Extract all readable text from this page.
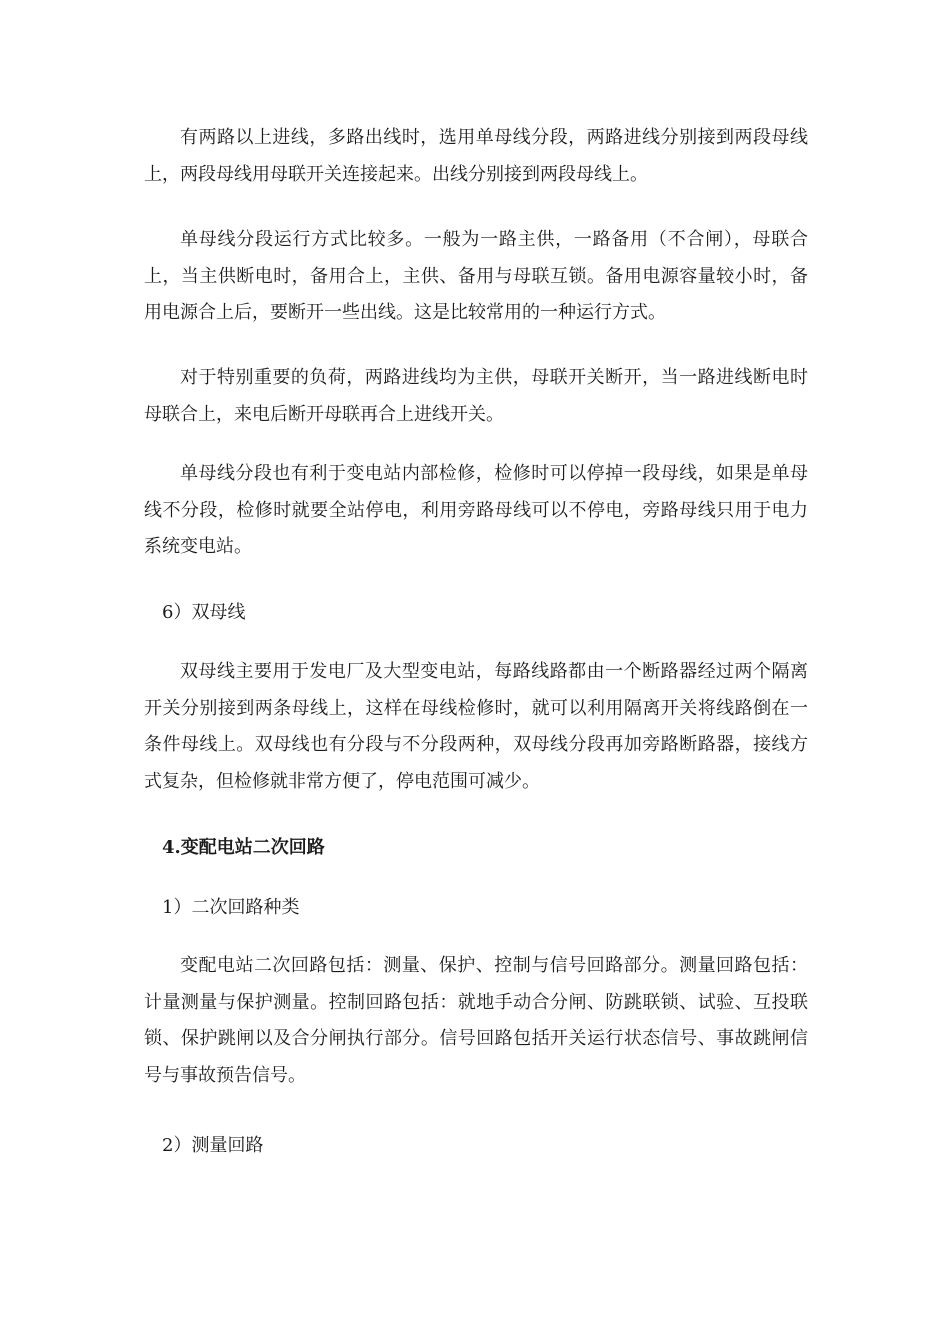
有两路以上进线，多路出线时，选用单母线分段，两路进线分别接到两段母线上，两段母线用母联开关连接起来。出线分别接到两段母线上。

单母线分段运行方式比较多。一般为一路主供，一路备用（不合闸），母联合上，当主供断电时，备用合上，主供、备用与母联互锁。备用电源容量较小时，备用电源合上后，要断开一些出线。这是比较常用的一种运行方式。

对于特别重要的负荷，两路进线均为主供，母联开关断开，当一路进线断电时母联合上，来电后断开母联再合上进线开关。

单母线分段也有利于变电站内部检修，检修时可以停掉一段母线，如果是单母线不分段，检修时就要全站停电，利用旁路母线可以不停电，旁路母线只用于电力系统变电站。

6）双母线

双母线主要用于发电厂及大型变电站，每路线路都由一个断路器经过两个隔离开关分别接到两条母线上，这样在母线检修时，就可以利用隔离开关将线路倒在一条件母线上。双母线也有分段与不分段两种，双母线分段再加旁路断路器，接线方式复杂，但检修就非常方便了，停电范围可减少。

4.变配电站二次回路

1）二次回路种类

变配电站二次回路包括：测量、保护、控制与信号回路部分。测量回路包括：计量测量与保护测量。控制回路包括：就地手动合分闸、防跳联锁、试验、互投联锁、保护跳闸以及合分闸执行部分。信号回路包括开关运行状态信号、事故跳闸信号与事故预告信号。

2）测量回路
